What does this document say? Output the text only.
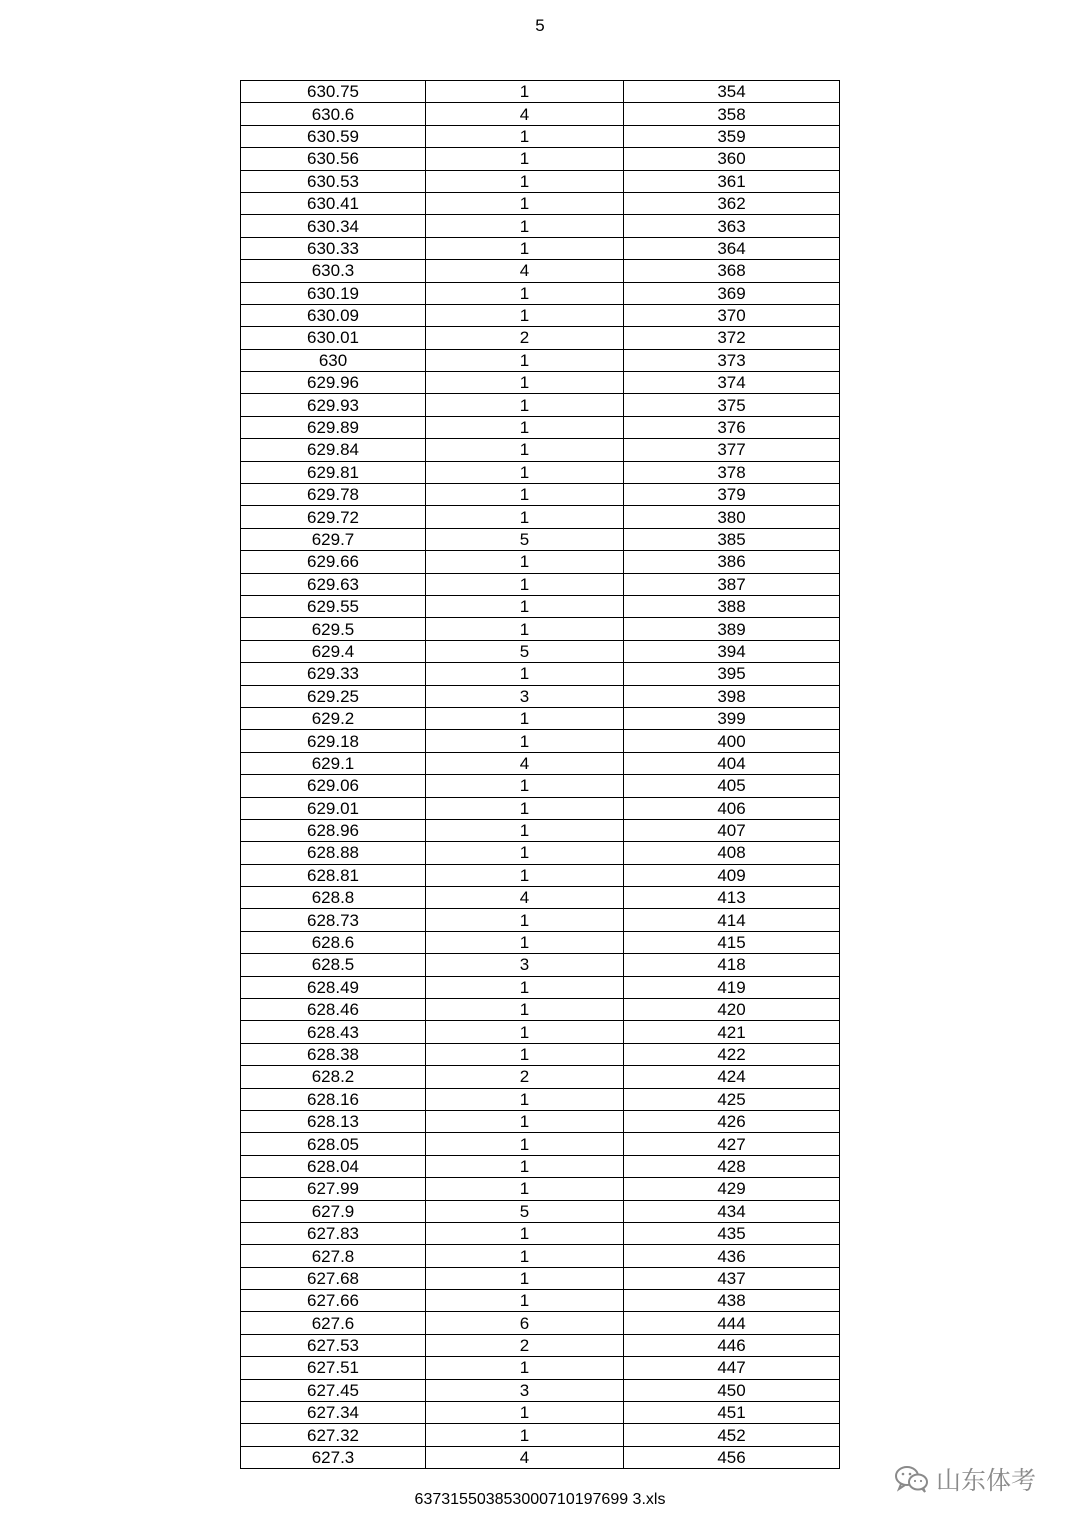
5
630.75	1	354
630.6	4	358
630.59	1	359
630.56	1	360
630.53	1	361
630.41	1	362
630.34	1	363
630.33	1	364
630.3	4	368
630.19	1	369
630.09	1	370
630.01	2	372
630	1	373
629.96	1	374
629.93	1	375
629.89	1	376
629.84	1	377
629.81	1	378
629.78	1	379
629.72	1	380
629.7	5	385
629.66	1	386
629.63	1	387
629.55	1	388
629.5	1	389
629.4	5	394
629.33	1	395
629.25	3	398
629.2	1	399
629.18	1	400
629.1	4	404
629.06	1	405
629.01	1	406
628.96	1	407
628.88	1	408
628.81	1	409
628.8	4	413
628.73	1	414
628.6	1	415
628.5	3	418
628.49	1	419
628.46	1	420
628.43	1	421
628.38	1	422
628.2	2	424
628.16	1	425
628.13	1	426
628.05	1	427
628.04	1	428
627.99	1	429
627.9	5	434
627.83	1	435
627.8	1	436
627.68	1	437
627.66	1	438
627.6	6	444
627.53	2	446
627.51	1	447
627.45	3	450
627.34	1	451
627.32	1	452
627.3	4	456
637315503853000710197699 3.xls
山东体考
